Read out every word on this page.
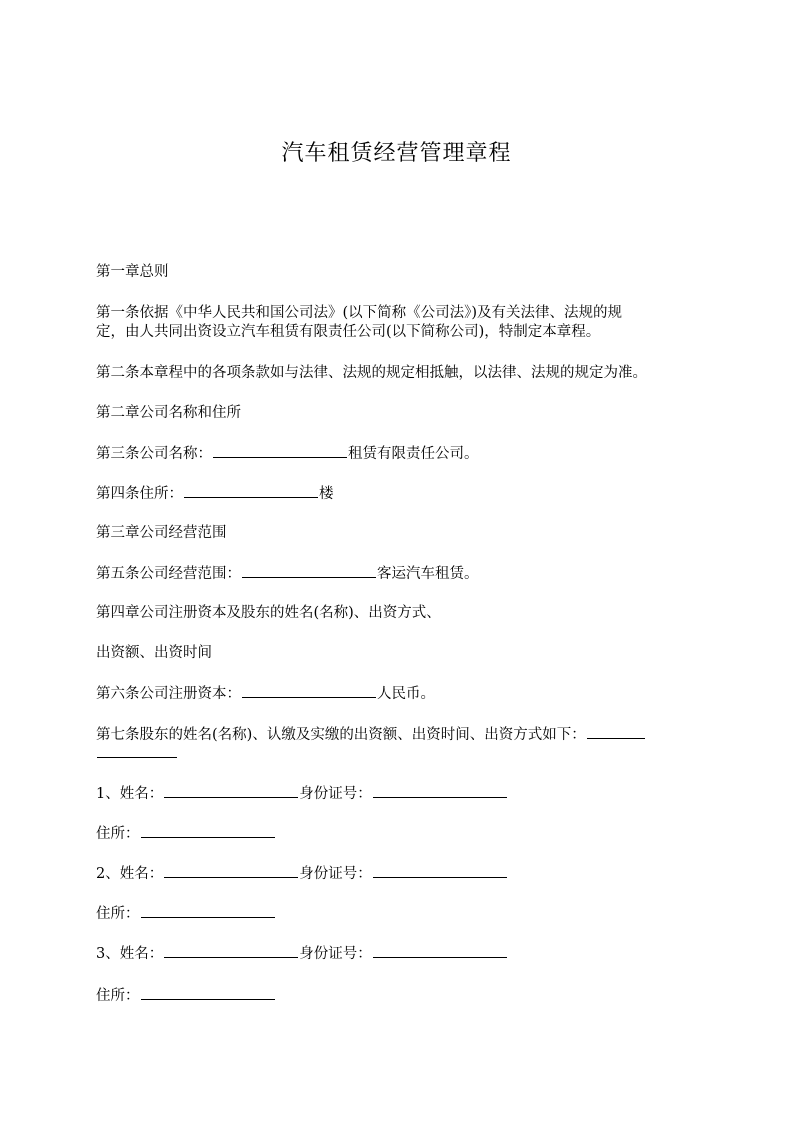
汽车租赁经营管理章程
第一章总则
第一条依据《中华人民共和国公司法》(以下简称《公司法》)及有关法律、法规的规
定，由人共同出资设立汽车租赁有限责任公司(以下简称公司)，特制定本章程。
第二条本章程中的各项条款如与法律、法规的规定相抵触，以法律、法规的规定为准。
第二章公司名称和住所
第三条公司名称：	租赁有限责任公司。
第四条住所：	楼
第三章公司经营范围
第五条公司经营范围：	客运汽车租赁。
第四章公司注册资本及股东的姓名(名称)、出资方式、
出资额、出资时间
第六条公司注册资本：	人民币。
第七条股东的姓名(名称)、认缴及实缴的出资额、出资时间、出资方式如下：
1、姓名：	身份证号：
住所：
2、姓名：	身份证号：
住所：
3、姓名：	身份证号：
住所：
